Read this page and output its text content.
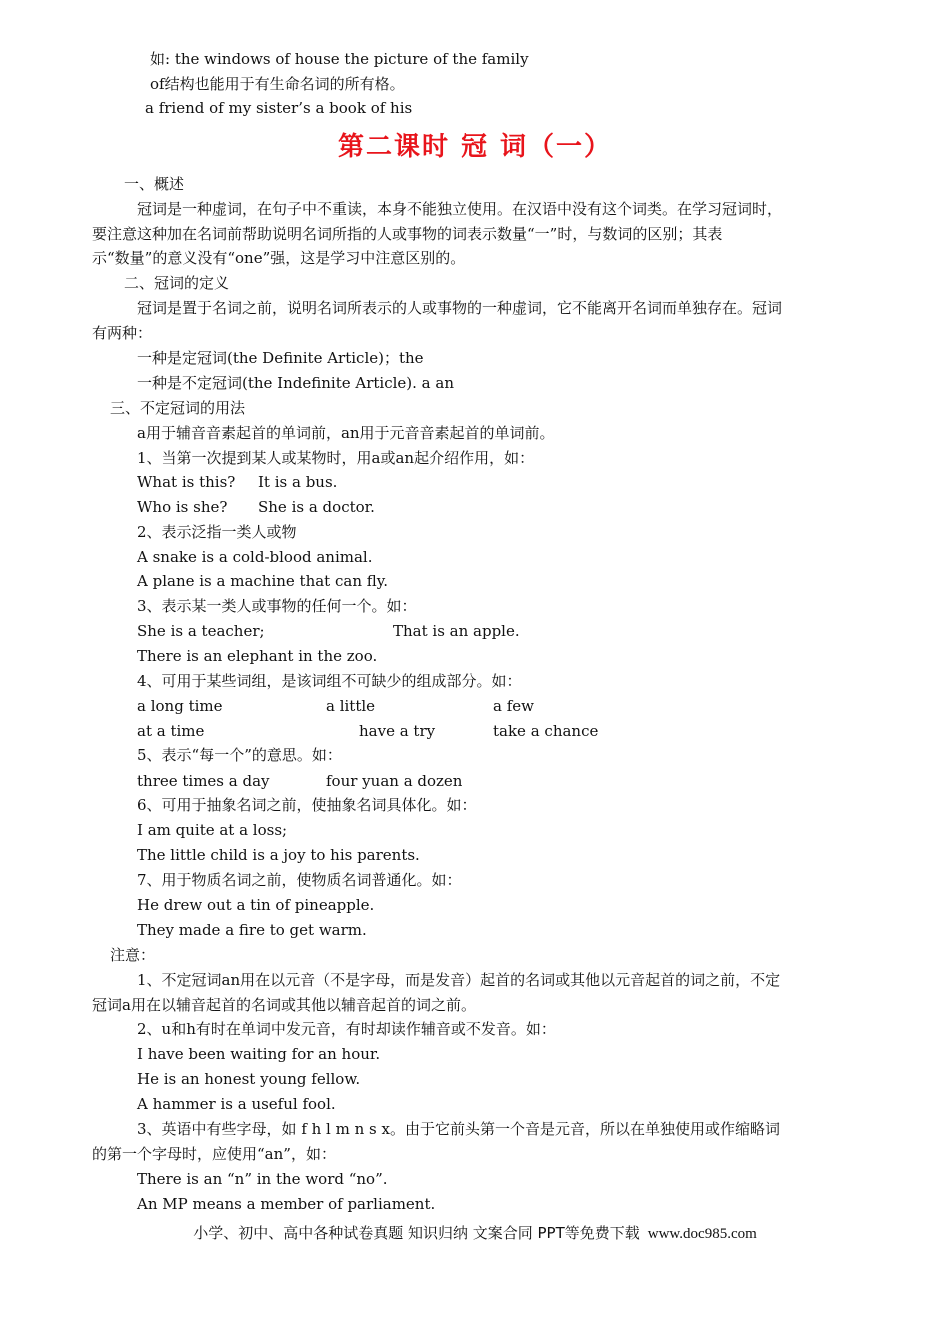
如: the windows of house the picture of the family
of结构也能用于有生命名词的所有格。
a friend of my sister’s a book of his
第二课时 冠 词（一）
一、概述
冠词是一种虚词，在句子中不重读，本身不能独立使用。在汉语中没有这个词类。在学习冠词时，
要注意这种加在名词前帮助说明名词所指的人或事物的词表示数量“一”时，与数词的区别；其表
示“数量”的意义没有“one”强，这是学习中注意区别的。
二、冠词的定义
冠词是置于名词之前，说明名词所表示的人或事物的一种虚词，它不能离开名词而单独存在。冠词
有两种：
一种是定冠词(the Definite Article)；the
一种是不定冠词(the Indefinite Article). a an
三、不定冠词的用法
a用于辅音音素起首的单词前，an用于元音音素起首的单词前。
1、当第一次提到某人或某物时，用a或an起介绍作用，如：
What is this? It is a bus.
Who is she? She is a doctor.
2、表示泛指一类人或物
A snake is a cold-blood animal.
A plane is a machine that can fly.
3、表示某一类人或事物的任何一个。如：
She is a teacher;	That is an apple.
There is an elephant in the zoo.
4、可用于某些词组，是该词组不可缺少的组成部分。如：
a long time	a little	a few
at a time	have a try	take a chance
5、表示“每一个”的意思。如：
three times a day	four yuan a dozen
6、可用于抽象名词之前，使抽象名词具体化。如：
I am quite at a loss;
The little child is a joy to his parents.
7、用于物质名词之前，使物质名词普通化。如：
He drew out a tin of pineapple.
They made a fire to get warm.
注意：
1、不定冠词an用在以元音（不是字母，而是发音）起首的名词或其他以元音起首的词之前，不定
冠词a用在以辅音起首的名词或其他以辅音起首的词之前。
2、u和h有时在单词中发元音，有时却读作辅音或不发音。如：
I have been waiting for an hour.
He is an honest young fellow.
A hammer is a useful fool.
3、英语中有些字母，如 f h l m n s x。由于它前头第一个音是元音，所以在单独使用或作缩略词
的第一个字母时，应使用“an”，如：
There is an “n” in the word “no”.
An MP means a member of parliament.
小学、初中、高中各种试卷真题 知识归纳 文案合同 PPT等免费下载 www.doc985.com
